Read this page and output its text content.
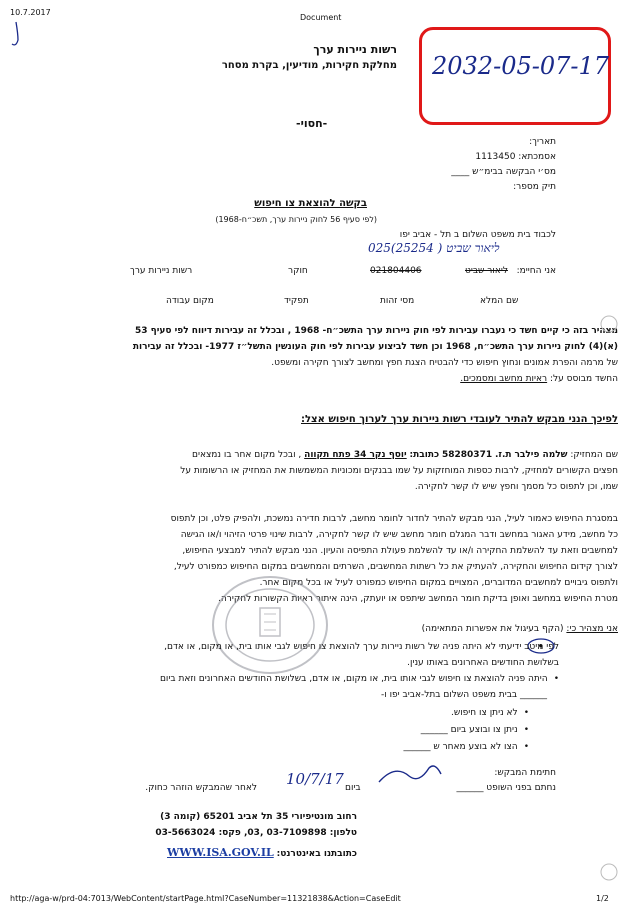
10.7.2017
Document
רשות ניירות ערך
מחלקת חקירות, מודיעין, בקרת מסחר
-חסוי-
2032-05-07-17
תאריך:
אסמכתא: 1113450
מס׳י הבקשה בבימ״ש ____
תיק מספר:
בקשה להוצאת צו חיפוש
(לפי סעיף 56 לחוק ניירות ערך, תשכ״ח-1968)
לכבוד בית משפט השלום ב תל - אביב יפו
025(25254 ) ליאור שביט
אני החיימ:
ליאור שביט
021804406
חוקר
רשות ניירות ערך
שם המלא
מסי זהות
תפקיד
מקום עבודה
מצהיר בזה כי קיים חשד כי נעברו עבירות לפי חוק ניירות ערך התשכ״ח- 1968 , ובכלל זה עבירות דיווח לפי סעיף 53
(א)(4) לחוק ניירות ערך התשכ״ח, 1968 וכן חשד לביצוע עבירות לפי חוק העונשין התשל״ז 1977- ובכלל זה עבירות
של מרמה והפרת אמונים ונחוץ חיפוש כדי להבטיח הצגת חפץ ומחשב לצורך חקירה ומשפט.
החשד מבוסס על: ראיות מחשב ומסמכים.
לפיכך הנני מבקש להתיר לעובדי רשות ניירות ערך לערוך חיפוש אצל:
שם המחזיק: שלמה פילבר ת.ז. 58280371 כתובת: יוסף נקר 34 פתח תקווה , ובכל מקום אחר בו נמצאים
חפצים הקשורים למחזיק, לרבות כספות המוחזקות על שמו בבנקים ומכוניות המשמשות את המחזיק או הרשומות על
שמו, וכן לתפוס כל מסמך וחפץ שיש לו קשר לחקירה.
במסגרת החיפוש כאמור לעיל, הנני מבקש להתיר לחדור לחומר מחשב, לרבות חדירה נמשכת, ולהפיק פלט, וכן לתפוס
כל מחשב, מידע האגור במחשב ודבר המגלם חומר מחשב שיש לו קשר לחקירה, לרבות שינוי פרטי הזיהוי ו/או הגישה
למחשבים וזאת עד להשלמת החקירה ו/או עד להשלמת פעולת התפיסה והעיון. הנני מבקש להתיר למבצעי החיפוש,
לצורך קידום החיפוש והחקירה, להעתיק את כל רשתות המחשבים, השרתים והמחשבים במקום החיפוש כמפורט לעיל,
ולתפוס גיבויים למחשבים המדוברים, המצויים במקום החיפוש כמפורט לעיל או בכל מקום אחר.
מטרת החיפוש במחשב ואופן בדיקת חומר המחשב שיתפס או יועתק, הינה איתור ראיות הקשורות לחקירה.
אני מצהיר כי: (הקף בעיגול את אפשרות המתאימה)
לפי מיטב ידיעתי לא היתה פניה של רשות ניירות ערך להוצאת צו חיפוש לגבי אותו בית, או מקום, או אדם,
בשלושת החודשים האחרונים באותו ענין.
• היתה פניה להוצאת צו חיפוש לגבי אותו בית, או מקום, או אדם, בשלושת החודשים האחרונים וזאת ביום
______ בבית משפט השלום בתל-אביב יפו ו-
• לא ניתן צו חיפוש.
• ניתן צו ובוצע ביום ______
• הצו לא בוצע מאחר ש ______
חתימת המבקש:
נחתם בפני השופט ______
ביום
10/7/17
לאחר שהמבקש הוזהר כחוק.
רחוב מונטיפיורי 35 תל אביב 65201 (קומה 3)
טלפון: 03-7109898 ,03, פקס: 03-5663024
כתובתנו באינטרנט: WWW.ISA.GOV.IL
http://aga-w/prd-04:7013/WebContent/startPage.html?CaseNumber=11321838&Action=CaseEdit	1/2
